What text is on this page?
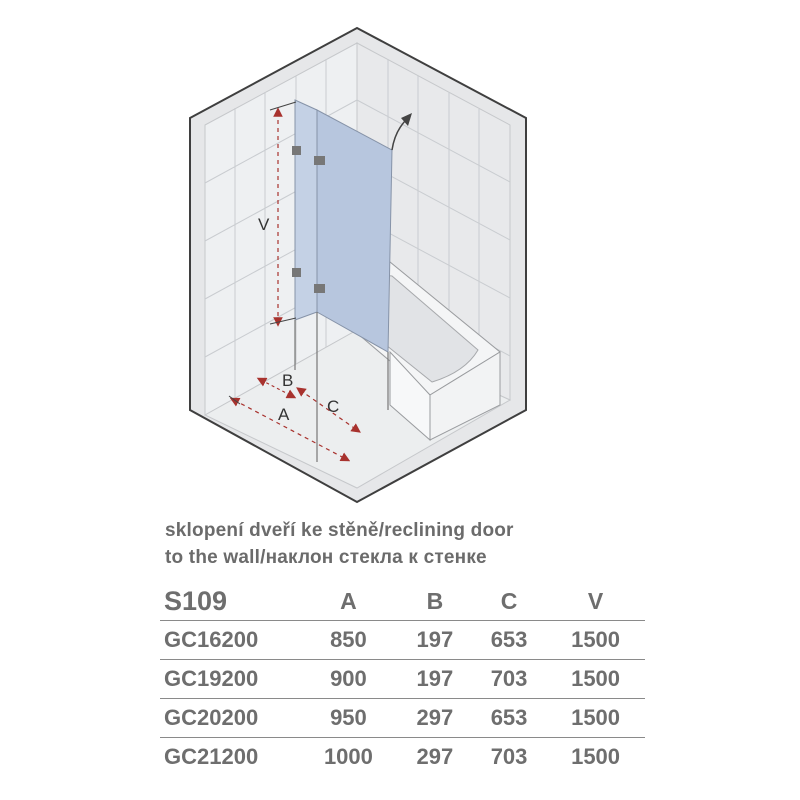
V
B
A C
sklopení dveří ke stěně/reclining door
to the wall/наклон стекла к стенке
S109	A	B	C	V
GC16200	850	197	653	1500
GC19200	900	197	703	1500
GC20200	950	297	653	1500
GC21200	1000	297	703	1500
